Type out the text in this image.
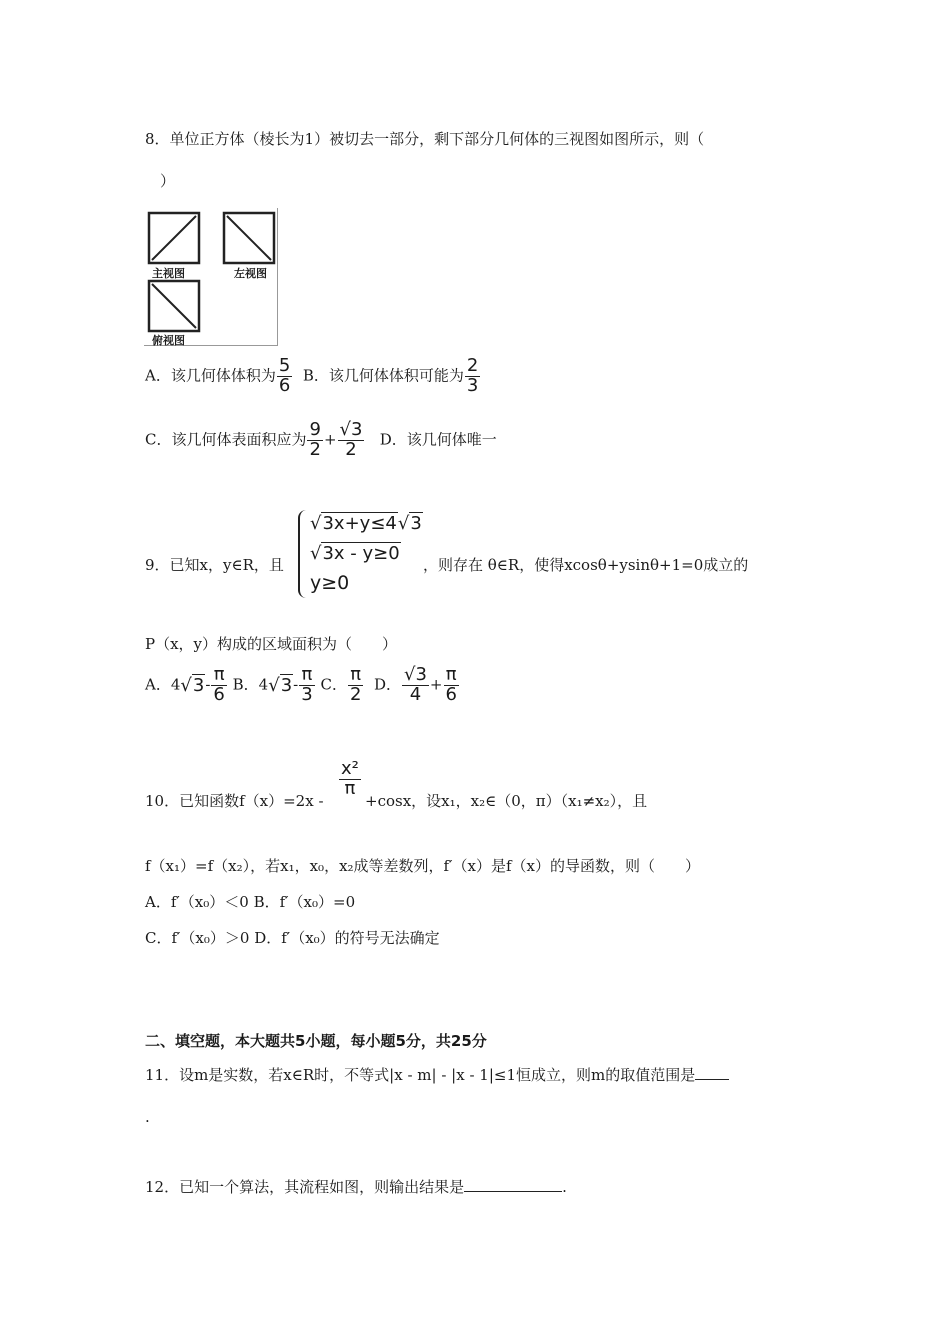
8．单位正方体（棱长为1）被切去一部分，剩下部分几何体的三视图如图所示，则（
）
主视图	左视图
俯视图
A．该几何体体积为 $\frac{5}{6}$ B．该几何体体积可能为 $\frac{2}{3}$
C．该几何体表面积应为 $\frac{9}{2} + \frac{√3}{2}$ D．该几何体唯一
9．已知x，y∈R，且
√3x+y≤4√3
√3x - y≥0
y≥0
，则存在 θ∈R，使得xcosθ+ysinθ+1=0成立的
P（x，y）构成的区域面积为（　　）
A．$4√3- \frac{\pi}{6}$ B．$4√3- \frac{\pi}{3}$ C． $\frac{\pi}{2}$ D． $\frac{√3}{4} + \frac{\pi}{6}$
10．已知函数f（x）=2x -
$\frac{\text{x²}}{\pi}$
+cosx，设x₁，x₂∈（0，π）（x₁≠x₂），且
f（x₁）=f（x₂），若x₁，x₀，x₂成等差数列，f′（x）是f（x）的导函数，则（　　）
A．f′（x₀）＜0 B．f′（x₀）=0
C．f′（x₀）＞0 D．f′（x₀）的符号无法确定
二、填空题，本大题共5小题，每小题5分，共25分
11．设m是实数，若x∈R时，不等式|x - m| - |x - 1|≤1恒成立，则m的取值范围是
.
12．已知一个算法，其流程如图，则输出结果是	.
